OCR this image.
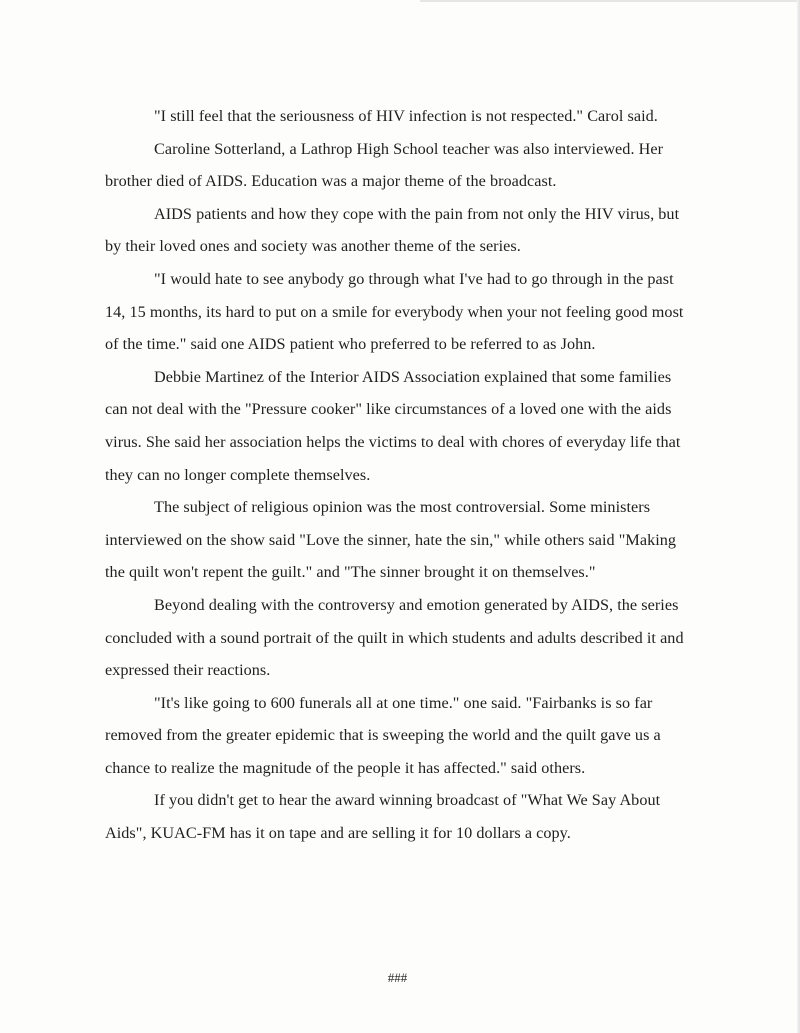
"I still feel that the seriousness of HIV infection is not respected." Carol said.

Caroline Sotterland, a Lathrop High School teacher was also interviewed. Her brother died of AIDS. Education was a major theme of the broadcast.

AIDS patients and how they cope with the pain from not only the HIV virus, but by their loved ones and society was another theme of the series.

"I would hate to see anybody go through what I've had to go through in the past 14, 15 months, its hard to put on a smile for everybody when your not feeling good most of the time." said one AIDS patient who preferred to be referred to as John.

Debbie Martinez of the Interior AIDS Association explained that some families can not deal with the "Pressure cooker" like circumstances of a loved one with the aids virus. She said her association helps the victims to deal with chores of everyday life that they can no longer complete themselves.

The subject of religious opinion was the most controversial. Some ministers interviewed on the show said "Love the sinner, hate the sin," while others said "Making the quilt won't repent the guilt." and "The sinner brought it on themselves."

Beyond dealing with the controversy and emotion generated by AIDS, the series concluded with a sound portrait of the quilt in which students and adults described it and expressed their reactions.

"It's like going to 600 funerals all at one time." one said. "Fairbanks is so far removed from the greater epidemic that is sweeping the world and the quilt gave us a chance to realize the magnitude of the people it has affected." said others.

If you didn't get to hear the award winning broadcast of "What We Say About Aids", KUAC-FM has it on tape and are selling it for 10 dollars a copy.

###
